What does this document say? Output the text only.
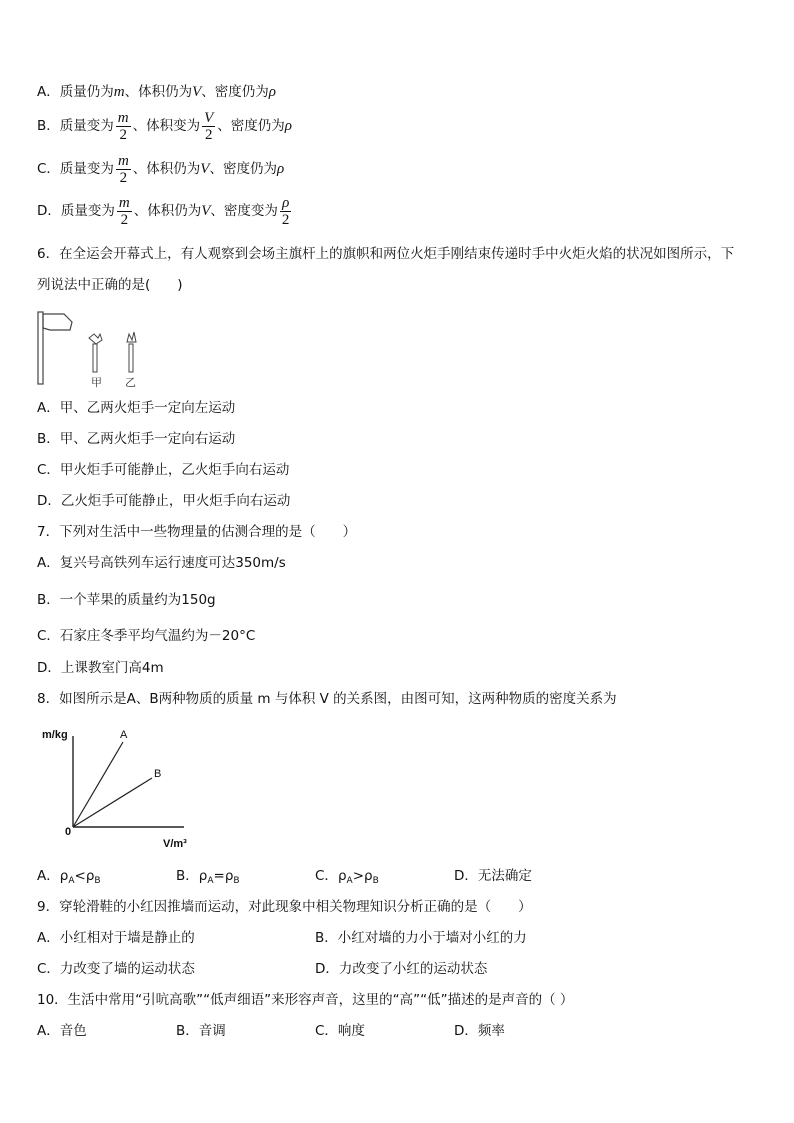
A．质量仍为m、体积仍为V、密度仍为ρ
B．质量变为 $\frac{m}{2}$ 、体积变为 $\frac{V}{2}$ 、密度仍为ρ
C．质量变为 $\frac{m}{2}$ 、体积仍为V、密度仍为ρ
D．质量变为 $\frac{m}{2}$ 、体积仍为V、密度变为 $\frac{\rho}{2}$
6．在全运会开幕式上，有人观察到会场主旗杆上的旗帜和两位火炬手刚结束传递时手中火炬火焰的状况如图所示，下
列说法中正确的是(　　)
甲 乙
A．甲、乙两火炬手一定向左运动
B．甲、乙两火炬手一定向右运动
C．甲火炬手可能静止，乙火炬手向右运动
D．乙火炬手可能静止，甲火炬手向右运动
7．下列对生活中一些物理量的估测合理的是（　　）
A．复兴号高铁列车运行速度可达350m/s
B．一个苹果的质量约为150g
C．石家庄冬季平均气温约为－20°C
D．上课教室门高4m
8．如图所示是A、B两种物质的质量 m 与体积 V 的关系图，由图可知，这两种物质的密度关系为
m/kg
V/m³
0
A
B
A．$\rho_A<\rho_B$	B．$\rho_A=\rho_B$	C．$\rho_A>\rho_B$	D．无法确定
9．穿轮滑鞋的小红因推墙而运动，对此现象中相关物理知识分析正确的是（　　）
A．小红相对于墙是静止的	B．小红对墙的力小于墙对小红的力
C．力改变了墙的运动状态	D．力改变了小红的运动状态
10．生活中常用“引吭高歌”“低声细语”来形容声音，这里的“高”“低”描述的是声音的（ ）
A．音色	B．音调	C．响度	D．频率
